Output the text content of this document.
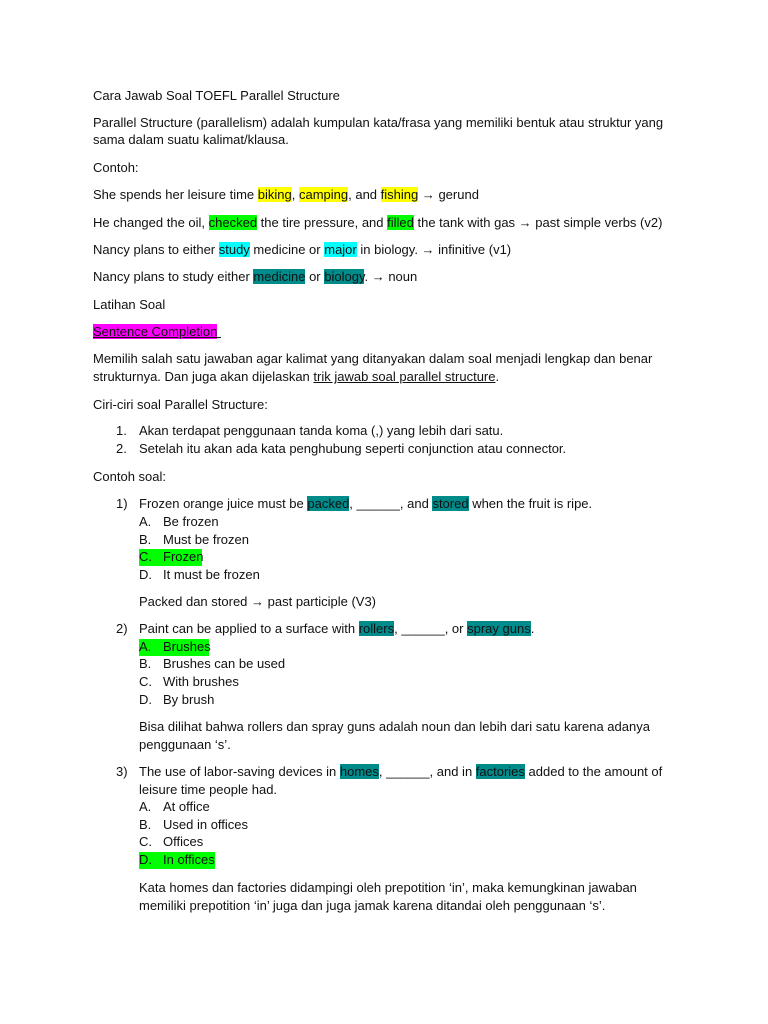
Cara Jawab Soal TOEFL Parallel Structure
Parallel Structure (parallelism) adalah kumpulan kata/frasa yang memiliki bentuk atau struktur yang
sama dalam suatu kalimat/klausa.
Contoh:
She spends her leisure time biking, camping, and fishing → gerund
He changed the oil, checked the tire pressure, and filled the tank with gas → past simple verbs (v2)
Nancy plans to either study medicine or major in biology. → infinitive (v1)
Nancy plans to study either medicine or biology. → noun
Latihan Soal
Sentence Completion
Memilih salah satu jawaban agar kalimat yang ditanyakan dalam soal menjadi lengkap dan benar
strukturnya. Dan juga akan dijelaskan trik jawab soal parallel structure.
Ciri-ciri soal Parallel Structure:
1. Akan terdapat penggunaan tanda koma (,) yang lebih dari satu.
2. Setelah itu akan ada kata penghubung seperti conjunction atau connector.
Contoh soal:
1) Frozen orange juice must be packed, ______, and stored when the fruit is ripe.
A. Be frozen
B. Must be frozen
C. Frozen
D. It must be frozen
Packed dan stored → past participle (V3)
2) Paint can be applied to a surface with rollers, ______, or spray guns.
A. Brushes
B. Brushes can be used
C. With brushes
D. By brush
Bisa dilihat bahwa rollers dan spray guns adalah noun dan lebih dari satu karena adanya
penggunaan ‘s’.
3) The use of labor-saving devices in homes, ______, and in factories added to the amount of
leisure time people had.
A. At office
B. Used in offices
C. Offices
D. In offices
Kata homes dan factories didampingi oleh prepotition ‘in’, maka kemungkinan jawaban
memiliki prepotition ‘in’ juga dan juga jamak karena ditandai oleh penggunaan ‘s’.
